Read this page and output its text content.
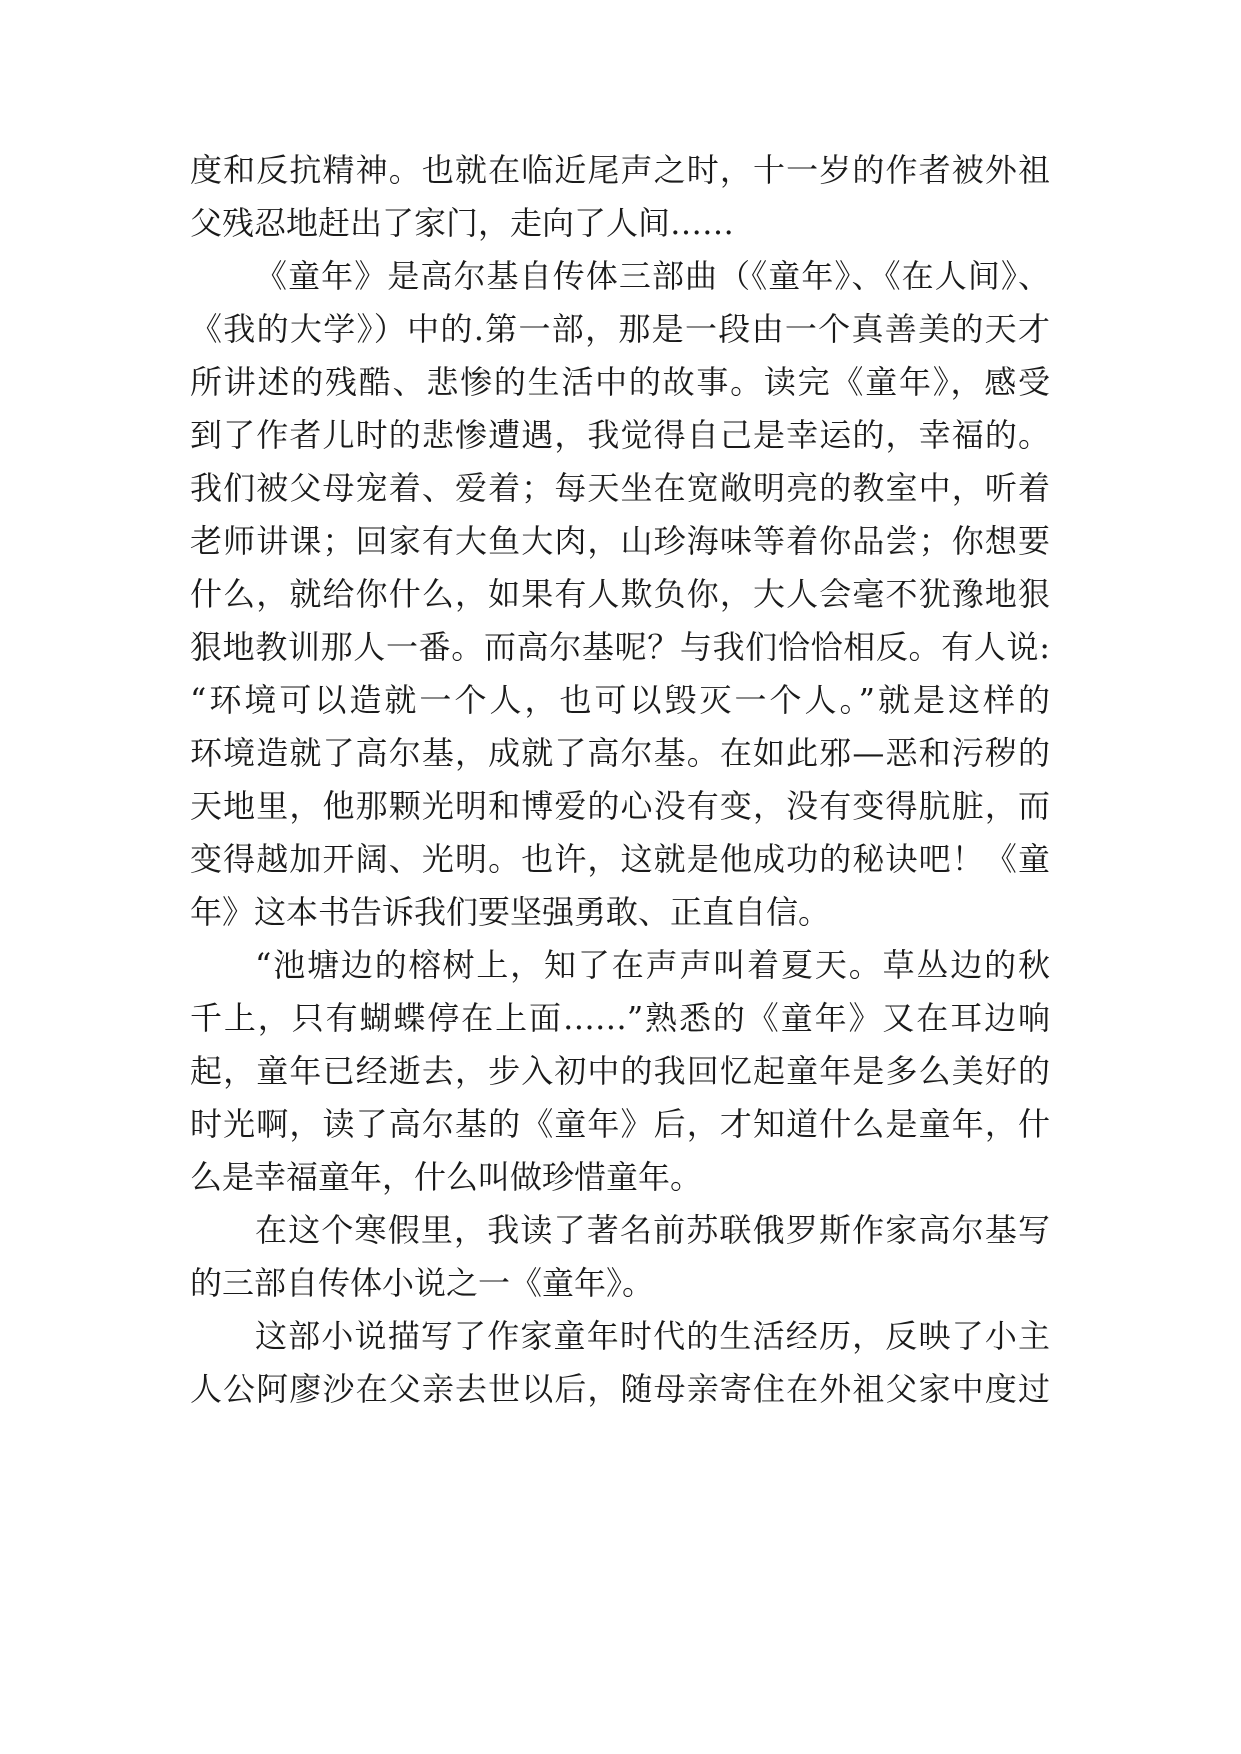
度和反抗精神。也就在临近尾声之时，十一岁的作者被外祖

父残忍地赶出了家门，走向了人间……

《童年》是高尔基自传体三部曲（《童年》、《在人间》、

《我的大学》）中的.第一部，那是一段由一个真善美的天才

所讲述的残酷、悲惨的生活中的故事。读完《童年》，感受

到了作者儿时的悲惨遭遇，我觉得自己是幸运的，幸福的。

我们被父母宠着、爱着；每天坐在宽敞明亮的教室中，听着

老师讲课；回家有大鱼大肉，山珍海味等着你品尝；你想要

什么，就给你什么，如果有人欺负你，大人会毫不犹豫地狠

狠地教训那人一番。而高尔基呢？与我们恰恰相反。有人说:

“环境可以造就一个人，也可以毁灭一个人。”就是这样的

环境造就了高尔基，成就了高尔基。在如此邪—恶和污秽的

天地里，他那颗光明和博爱的心没有变，没有变得肮脏，而

变得越加开阔、光明。也许，这就是他成功的秘诀吧！《童

年》这本书告诉我们要坚强勇敢、正直自信。

“池塘边的榕树上，知了在声声叫着夏天。草丛边的秋

千上，只有蝴蝶停在上面……”熟悉的《童年》又在耳边响

起，童年已经逝去，步入初中的我回忆起童年是多么美好的

时光啊，读了高尔基的《童年》后，才知道什么是童年，什

么是幸福童年，什么叫做珍惜童年。

在这个寒假里，我读了著名前苏联俄罗斯作家高尔基写

的三部自传体小说之一《童年》。

这部小说描写了作家童年时代的生活经历，反映了小主

人公阿廖沙在父亲去世以后，随母亲寄住在外祖父家中度过
